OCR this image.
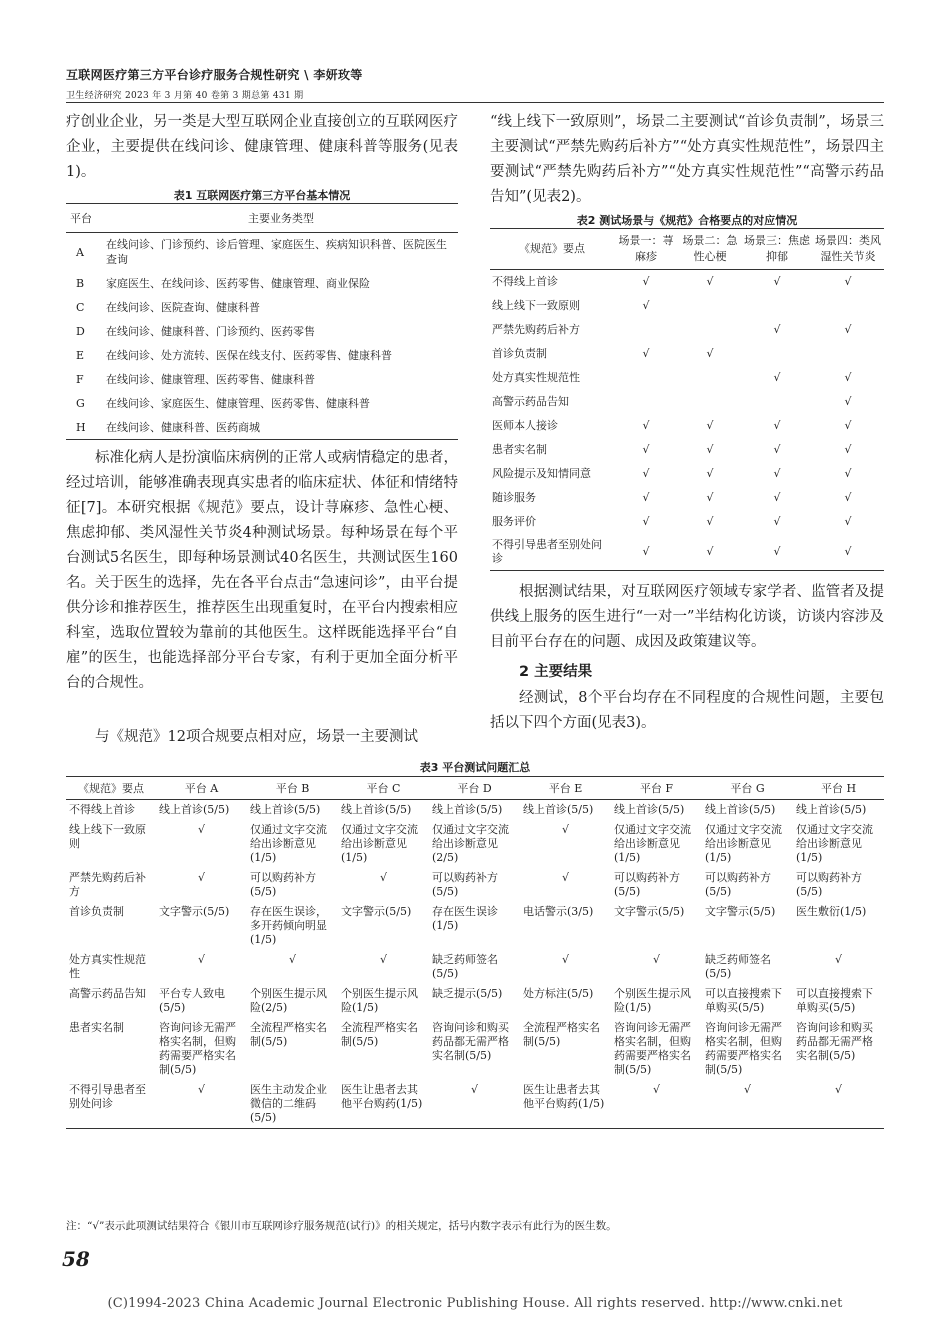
互联网医疗第三方平台诊疗服务合规性研究 \ 李妍玫等
卫生经济研究 2023 年 3 月第 40 卷第 3 期总第 431 期

疗创业企业，另一类是大型互联网企业直接创立的互联网医疗企业，主要提供在线问诊、健康管理、健康科普等服务(见表1)。

表1 互联网医疗第三方平台基本情况
平台	主要业务类型
A	在线问诊、门诊预约、诊后管理、家庭医生、疾病知识科普、医院医生查询
B	家庭医生、在线问诊、医药零售、健康管理、商业保险
C	在线问诊、医院查询、健康科普
D	在线问诊、健康科普、门诊预约、医药零售
E	在线问诊、处方流转、医保在线支付、医药零售、健康科普
F	在线问诊、健康管理、医药零售、健康科普
G	在线问诊、家庭医生、健康管理、医药零售、健康科普
H	在线问诊、健康科普、医药商城

标准化病人是扮演临床病例的正常人或病情稳定的患者，经过培训，能够准确表现真实患者的临床症状、体征和情绪特征[7]。本研究根据《规范》要点，设计荨麻疹、急性心梗、焦虑抑郁、类风湿性关节炎4种测试场景。每种场景在每个平台测试5名医生，即每种场景测试40名医生，共测试医生160名。关于医生的选择，先在各平台点击“急速问诊”，由平台提供分诊和推荐医生，推荐医生出现重复时，在平台内搜索相应科室，选取位置较为靠前的其他医生。这样既能选择平台“自雇”的医生，也能选择部分平台专家，有利于更加全面分析平台的合规性。

与《规范》12项合规要点相对应，场景一主要测试

“线上线下一致原则”，场景二主要测试“首诊负责制”，场景三主要测试“严禁先购药后补方”“处方真实性规范性”，场景四主要测试“严禁先购药后补方”“处方真实性规范性”“高警示药品告知”(见表2)。

表2 测试场景与《规范》合格要点的对应情况
《规范》要点	场景一：荨麻疹	场景二：急性心梗	场景三：焦虑抑郁	场景四：类风湿性关节炎
不得线上首诊	√	√	√	√
线上线下一致原则	√			
严禁先购药后补方			√	√
首诊负责制	√	√		
处方真实性规范性			√	√
高警示药品告知				√
医师本人接诊	√	√	√	√
患者实名制	√	√	√	√
风险提示及知情同意	√	√	√	√
随诊服务	√	√	√	√
服务评价	√	√	√	√
不得引导患者至别处问诊	√	√	√	√

根据测试结果，对互联网医疗领域专家学者、监管者及提供线上服务的医生进行“一对一”半结构化访谈，访谈内容涉及目前平台存在的问题、成因及政策建议等。

2 主要结果

经测试，8个平台均存在不同程度的合规性问题，主要包括以下四个方面(见表3)。

表3 平台测试问题汇总
《规范》要点	平台 A	平台 B	平台 C	平台 D	平台 E	平台 F	平台 G	平台 H
不得线上首诊	线上首诊(5/5)	线上首诊(5/5)	线上首诊(5/5)	线上首诊(5/5)	线上首诊(5/5)	线上首诊(5/5)	线上首诊(5/5)	线上首诊(5/5)
线上线下一致原则	√	仅通过文字交流给出诊断意见(1/5)	仅通过文字交流给出诊断意见(1/5)	仅通过文字交流给出诊断意见(2/5)	√	仅通过文字交流给出诊断意见(1/5)	仅通过文字交流给出诊断意见(1/5)	仅通过文字交流给出诊断意见(1/5)
严禁先购药后补方	√	可以购药补方(5/5)	√	可以购药补方(5/5)	√	可以购药补方(5/5)	可以购药补方(5/5)	可以购药补方(5/5)
首诊负责制	文字警示(5/5)	存在医生误诊，多开药倾向明显(1/5)	文字警示(5/5)	存在医生误诊(1/5)	电话警示(3/5)	文字警示(5/5)	文字警示(5/5)	医生敷衍(1/5)
处方真实性规范性	√	√	√	缺乏药师签名(5/5)	√	√	缺乏药师签名(5/5)	√
高警示药品告知	平台专人致电(5/5)	个别医生提示风险(2/5)	个别医生提示风险(1/5)	缺乏提示(5/5)	处方标注(5/5)	个别医生提示风险(1/5)	可以直接搜索下单购买(5/5)	可以直接搜索下单购买(5/5)
患者实名制	咨询问诊无需严格实名制，但购药需要严格实名制(5/5)	全流程严格实名制(5/5)	全流程严格实名制(5/5)	咨询问诊和购买药品都无需严格实名制(5/5)	全流程严格实名制(5/5)	咨询问诊无需严格实名制，但购药需要严格实名制(5/5)	咨询问诊无需严格实名制，但购药需要严格实名制(5/5)	咨询问诊和购买药品都无需严格实名制(5/5)
不得引导患者至别处问诊	√	医生主动发企业微信的二维码(5/5)	医生让患者去其他平台购药(1/5)	√	医生让患者去其他平台购药(1/5)	√	√	√
注：“√”表示此项测试结果符合《银川市互联网诊疗服务规范(试行)》的相关规定，括号内数字表示有此行为的医生数。
58
(C)1994-2023 China Academic Journal Electronic Publishing House. All rights reserved. http://www.cnki.net
